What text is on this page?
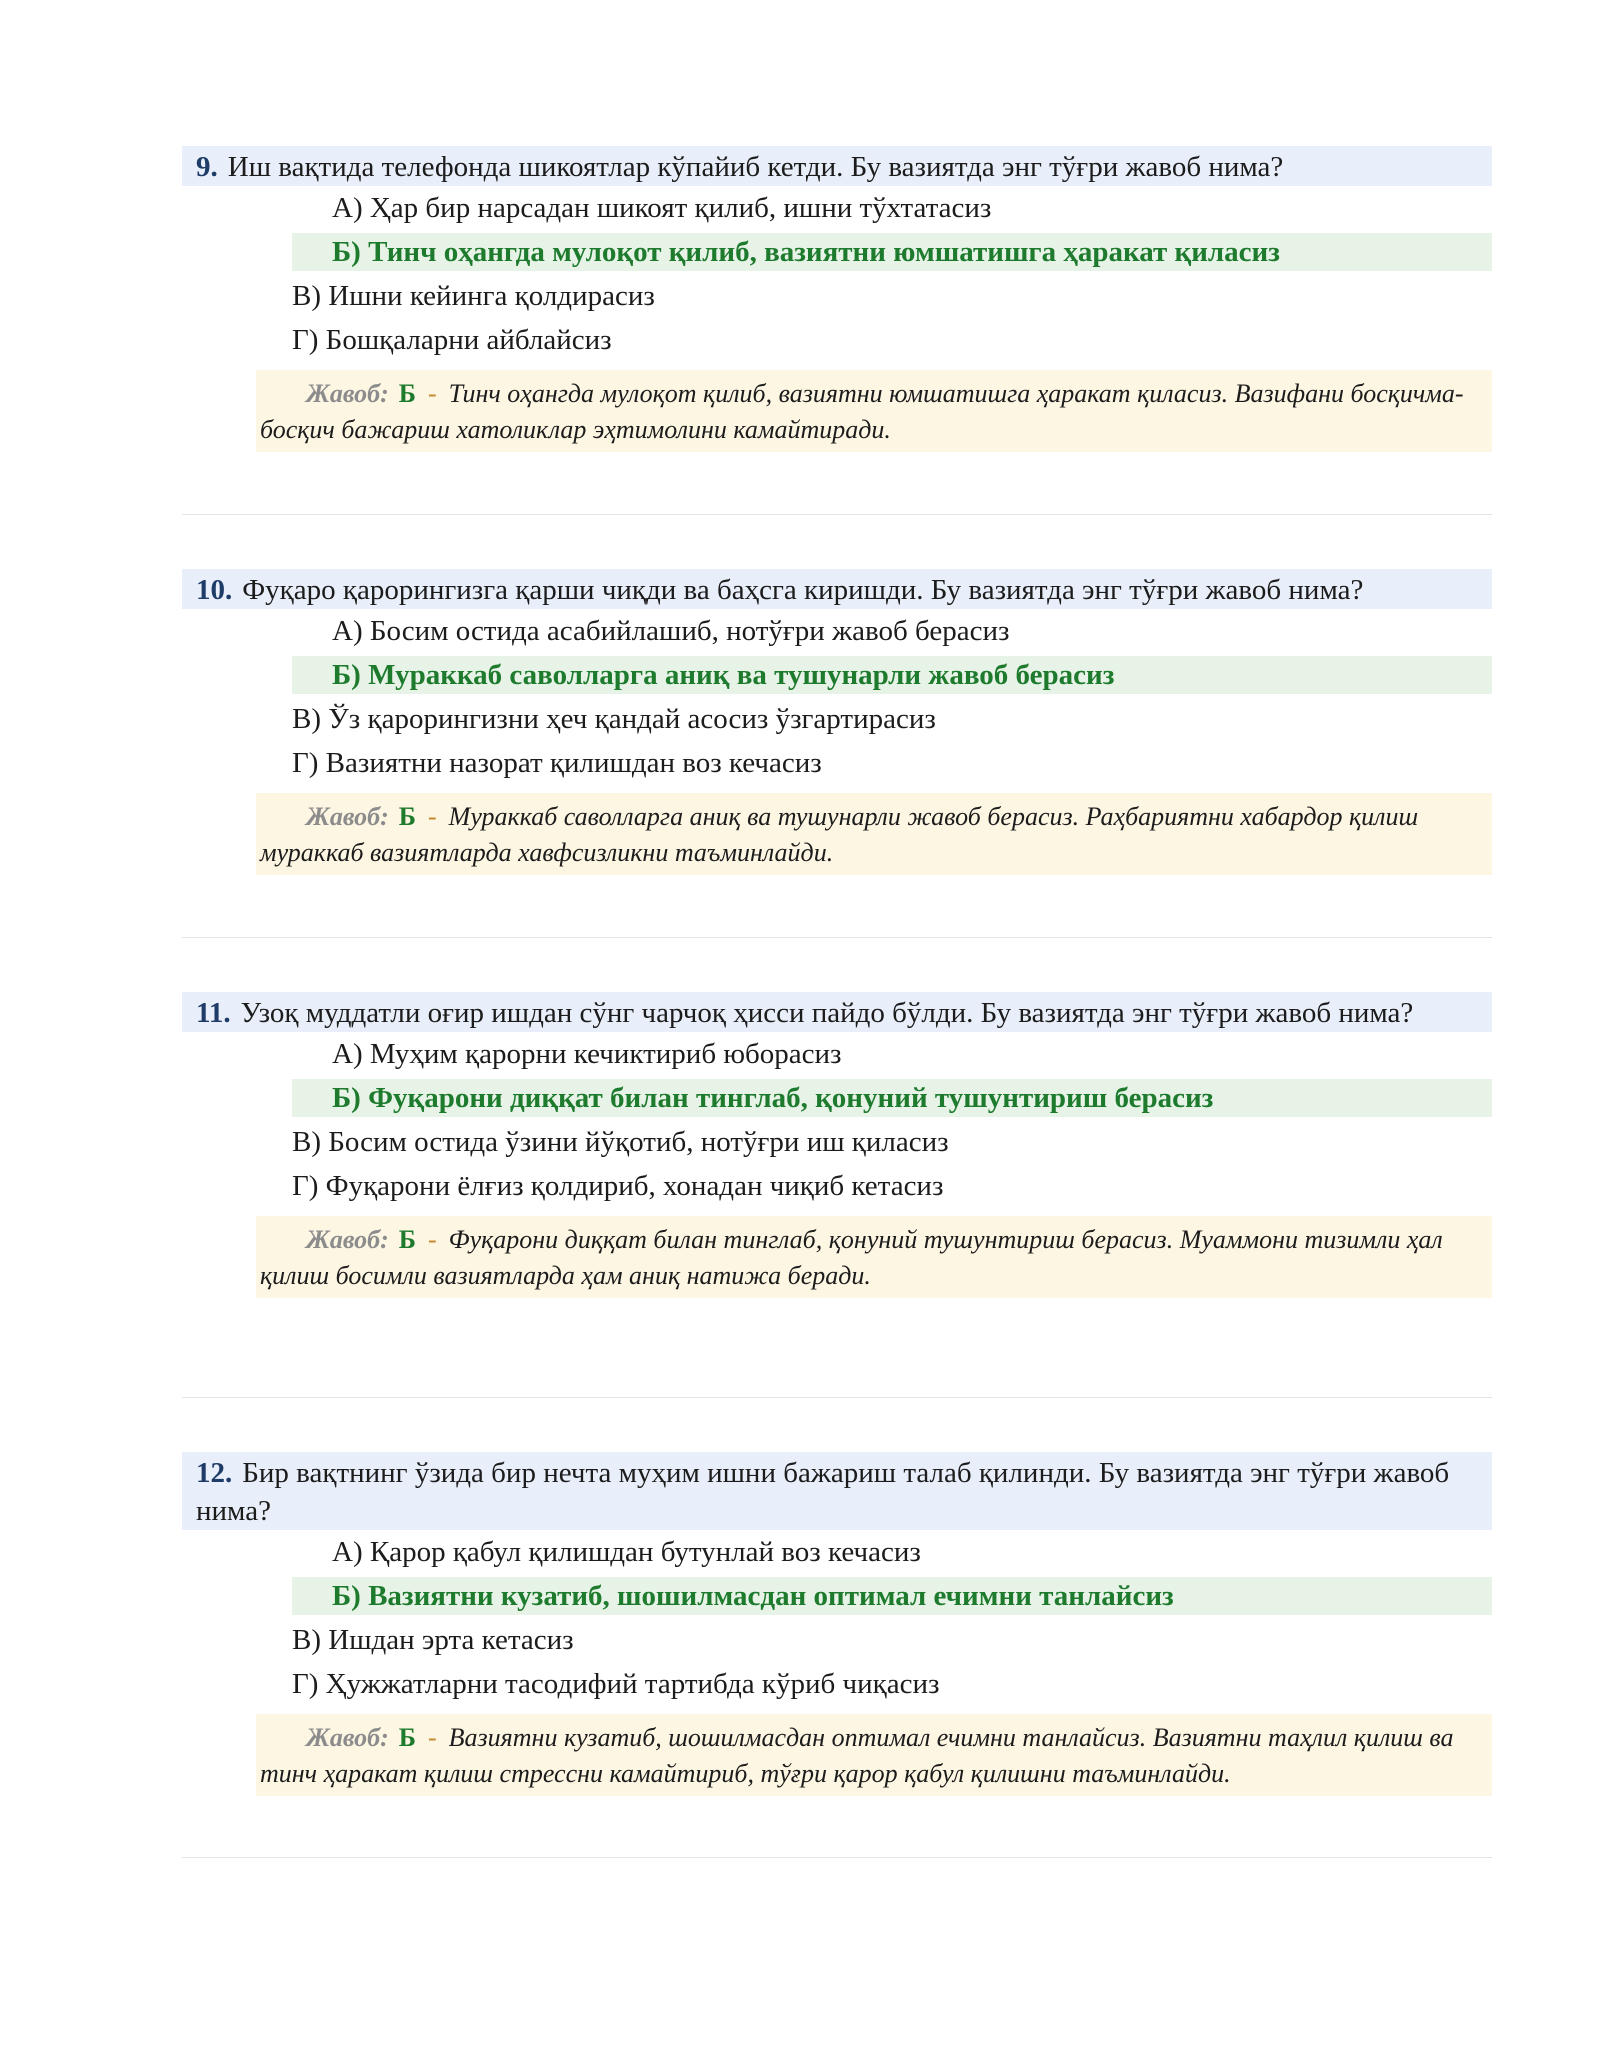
9. Иш вақтида телефонда шикоятлар кўпайиб кетди. Бу вазиятда энг тўғри жавоб нима?

А) Ҳар бир нарсадан шикоят қилиб, ишни тўхтатасиз

Б) Тинч оҳангда мулоқот қилиб, вазиятни юмшатишга ҳаракат қиласиз

В) Ишни кейинга қолдирасиз

Г) Бошқаларни айблайсиз

Жавоб: Б - Тинч оҳангда мулоқот қилиб, вазиятни юмшатишга ҳаракат қиласиз. Вазифани босқичма-босқич бажариш хатоликлар эҳтимолини камайтиради.

10. Фуқаро қарорингизга қарши чиқди ва баҳсга киришди. Бу вазиятда энг тўғри жавоб нима?

А) Босим остида асабийлашиб, нотўғри жавоб берасиз

Б) Мураккаб саволларга аниқ ва тушунарли жавоб берасиз

В) Ўз қарорингизни ҳеч қандай асосиз ўзгартирасиз

Г) Вазиятни назорат қилишдан воз кечасиз

Жавоб: Б - Мураккаб саволларга аниқ ва тушунарли жавоб берасиз. Раҳбариятни хабардор қилиш мураккаб вазиятларда хавфсизликни таъминлайди.

11. Узоқ муддатли оғир ишдан сўнг чарчоқ ҳисси пайдо бўлди. Бу вазиятда энг тўғри жавоб нима?

А) Муҳим қарорни кечиктириб юборасиз

Б) Фуқарони диққат билан тинглаб, қонуний тушунтириш берасиз

В) Босим остида ўзини йўқотиб, нотўғри иш қиласиз

Г) Фуқарони ёлғиз қолдириб, хонадан чиқиб кетасиз

Жавоб: Б - Фуқарони диққат билан тинглаб, қонуний тушунтириш берасиз. Муаммони тизимли ҳал қилиш босимли вазиятларда ҳам аниқ натижа беради.

12. Бир вақтнинг ўзида бир нечта муҳим ишни бажариш талаб қилинди. Бу вазиятда энг тўғри жавоб нима?

А) Қарор қабул қилишдан бутунлай воз кечасиз

Б) Вазиятни кузатиб, шошилмасдан оптимал ечимни танлайсиз

В) Ишдан эрта кетасиз

Г) Ҳужжатларни тасодифий тартибда кўриб чиқасиз

Жавоб: Б - Вазиятни кузатиб, шошилмасдан оптимал ечимни танлайсиз. Вазиятни таҳлил қилиш ва тинч ҳаракат қилиш стрессни камайтириб, тўғри қарор қабул қилишни таъминлайди.
